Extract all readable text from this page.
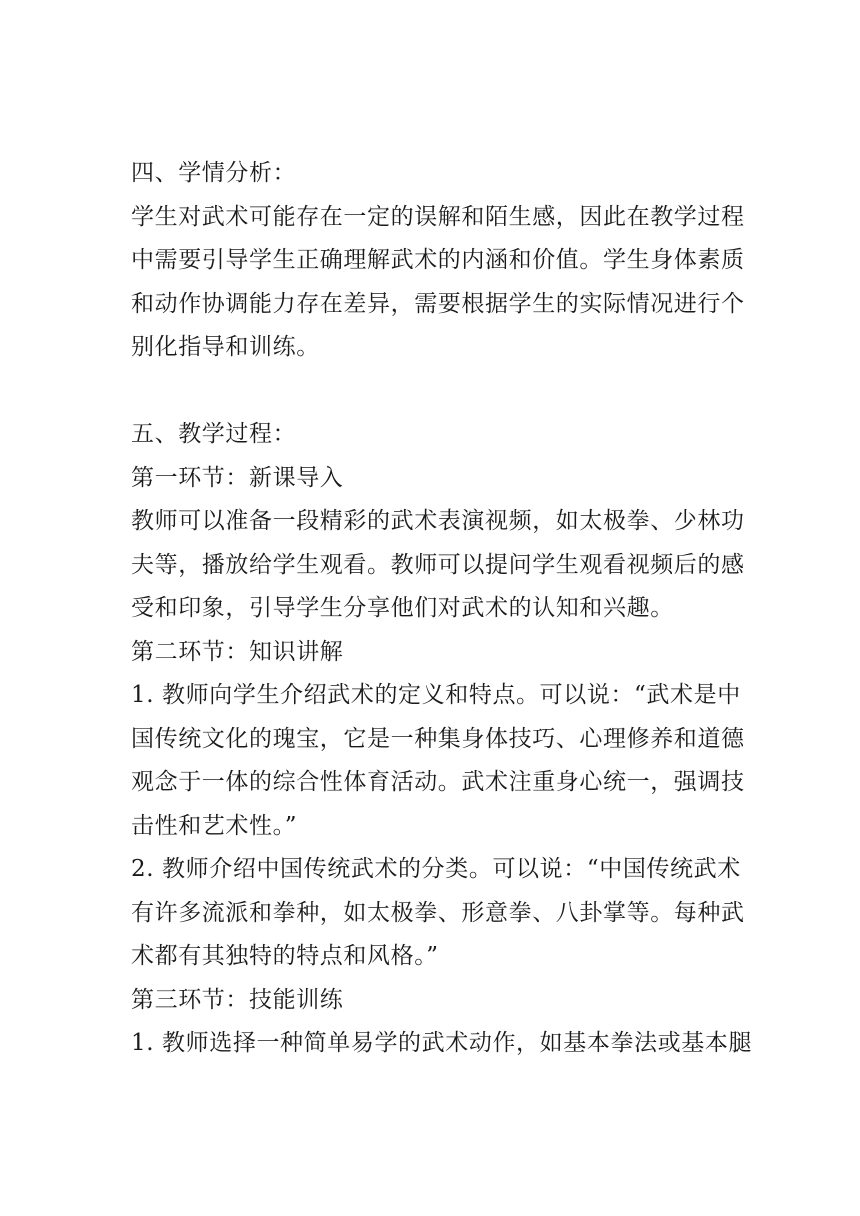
四、学情分析：
学生对武术可能存在一定的误解和陌生感，因此在教学过程
中需要引导学生正确理解武术的内涵和价值。学生身体素质
和动作协调能力存在差异，需要根据学生的实际情况进行个
别化指导和训练。
五、教学过程：
第一环节：新课导入
教师可以准备一段精彩的武术表演视频，如太极拳、少林功
夫等，播放给学生观看。教师可以提问学生观看视频后的感
受和印象，引导学生分享他们对武术的认知和兴趣。
第二环节：知识讲解
1. 教师向学生介绍武术的定义和特点。可以说：“武术是中
国传统文化的瑰宝，它是一种集身体技巧、心理修养和道德
观念于一体的综合性体育活动。武术注重身心统一，强调技
击性和艺术性。”
2. 教师介绍中国传统武术的分类。可以说：“中国传统武术
有许多流派和拳种，如太极拳、形意拳、八卦掌等。每种武
术都有其独特的特点和风格。”
第三环节：技能训练
1. 教师选择一种简单易学的武术动作，如基本拳法或基本腿
